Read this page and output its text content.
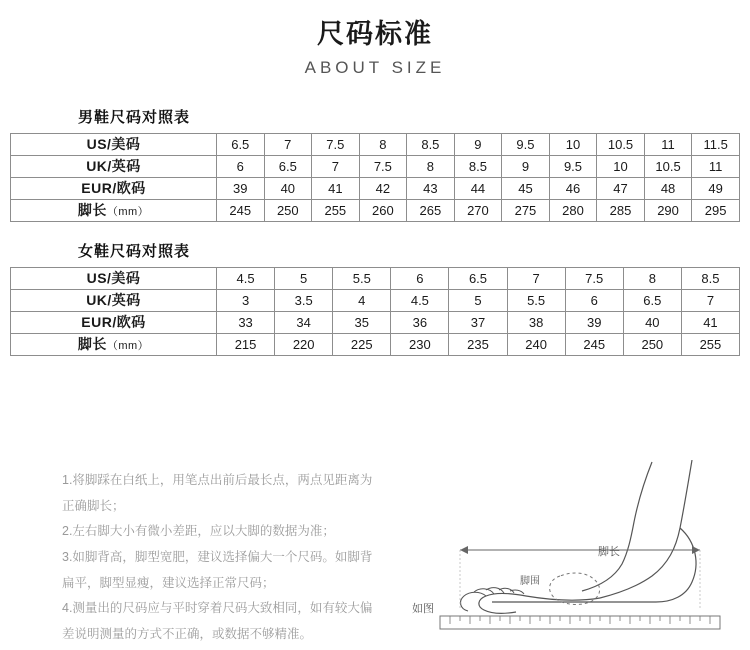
尺码标准
ABOUT SIZE
男鞋尺码对照表
US/美码	6.5	7	7.5	8	8.5	9	9.5	10	10.5	11	11.5
UK/英码	6	6.5	7	7.5	8	8.5	9	9.5	10	10.5	11
EUR/欧码	39	40	41	42	43	44	45	46	47	48	49
脚长（mm）	245	250	255	260	265	270	275	280	285	290	295
女鞋尺码对照表
US/美码	4.5	5	5.5	6	6.5	7	7.5	8	8.5
UK/英码	3	3.5	4	4.5	5	5.5	6	6.5	7
EUR/欧码	33	34	35	36	37	38	39	40	41
脚长（mm）	215	220	225	230	235	240	245	250	255
1.将脚踩在白纸上，用笔点出前后最长点，两点见距离为
正确脚长；
2.左右脚大小有微小差距，应以大脚的数据为准；
3.如脚背高，脚型宽肥，建议选择偏大一个尺码。如脚背
扁平，脚型显瘦，建议选择正常尺码；
4.测量出的尺码应与平时穿着尺码大致相同，如有较大偏
差说明测量的方式不正确，或数据不够精准。
脚长
脚围
如图
